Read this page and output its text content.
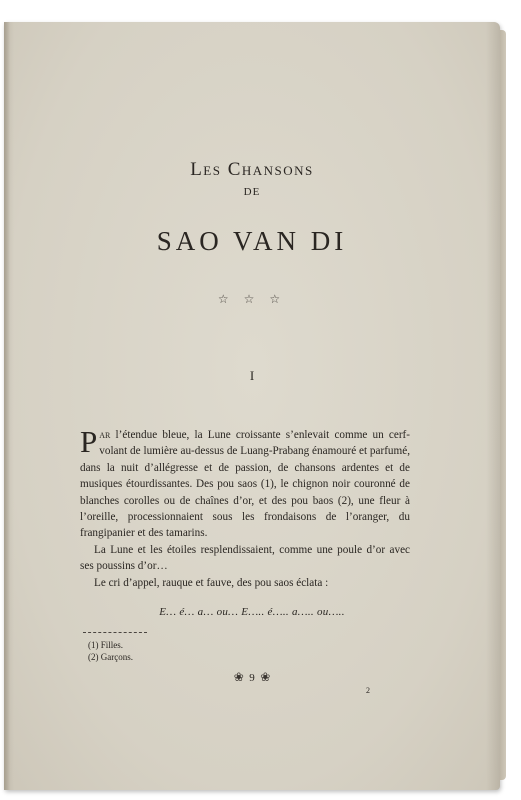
Les Chansons
DE
SAO VAN DI
☆ ☆ ☆
I

Par l’étendue bleue, la Lune croissante s’enlevait comme un cerf-volant de lumière au-dessus de Luang-Prabang énamouré et parfumé, dans la nuit d’allégresse et de passion, de chansons ardentes et de musiques étourdissantes. Des pou saos (1), le chignon noir couronné de blanches corolles ou de chaînes d’or, et des pou baos (2), une fleur à l’oreille, processionnaient sous les frondaisons de l’oranger, du frangipanier et des tamarins.

La Lune et les étoiles resplendissaient, comme une poule d’or avec ses poussins d’or…

Le cri d’appel, rauque et fauve, des pou saos éclata :

E… é… a… ou… E….. é….. a….. ou…..
(1) Filles.
(2) Garçons.
❀ 9 ❀
2
